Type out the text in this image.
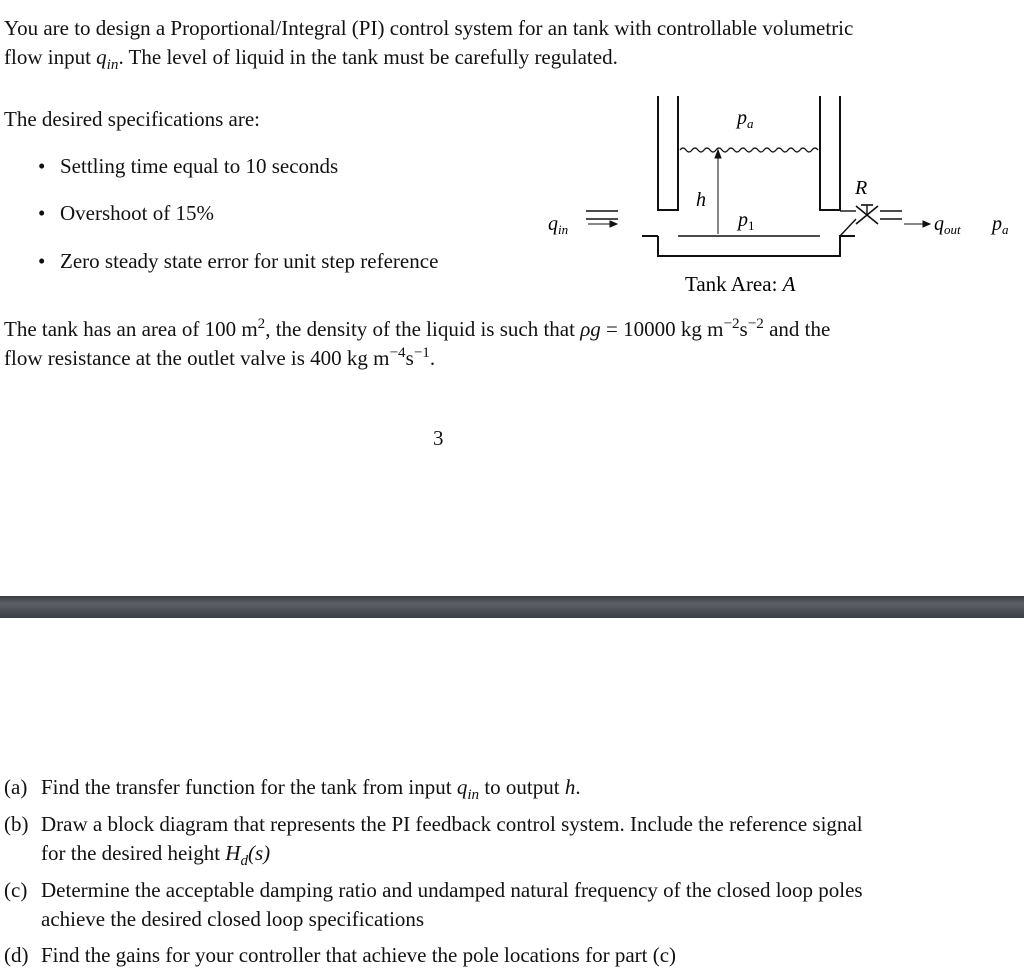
You are to design a Proportional/Integral (PI) control system for an tank with controllable volumetric
flow input $q_{in}$. The level of liquid in the tank must be carefully regulated.
The desired specifications are:
• Settling time equal to 10 seconds
• Overshoot of 15%
• Zero steady state error for unit step reference
$p_a$
h
$p_1$
R
$q_{in}$	$q_{out}$ $p_a$
Tank Area: A
The tank has an area of 100 $m^2$, the density of the liquid is such that ρg = 10000 kg $m^{-2}s^{-2}$ and the
flow resistance at the outlet valve is 400 kg $m^{-4}s^{-1}$.
3
(a) Find the transfer function for the tank from input $q_{in}$ to output h.
(b) Draw a block diagram that represents the PI feedback control system. Include the reference signal
for the desired height $H_d(s)$
(c) Determine the acceptable damping ratio and undamped natural frequency of the closed loop poles
achieve the desired closed loop specifications
(d) Find the gains for your controller that achieve the pole locations for part (c)
